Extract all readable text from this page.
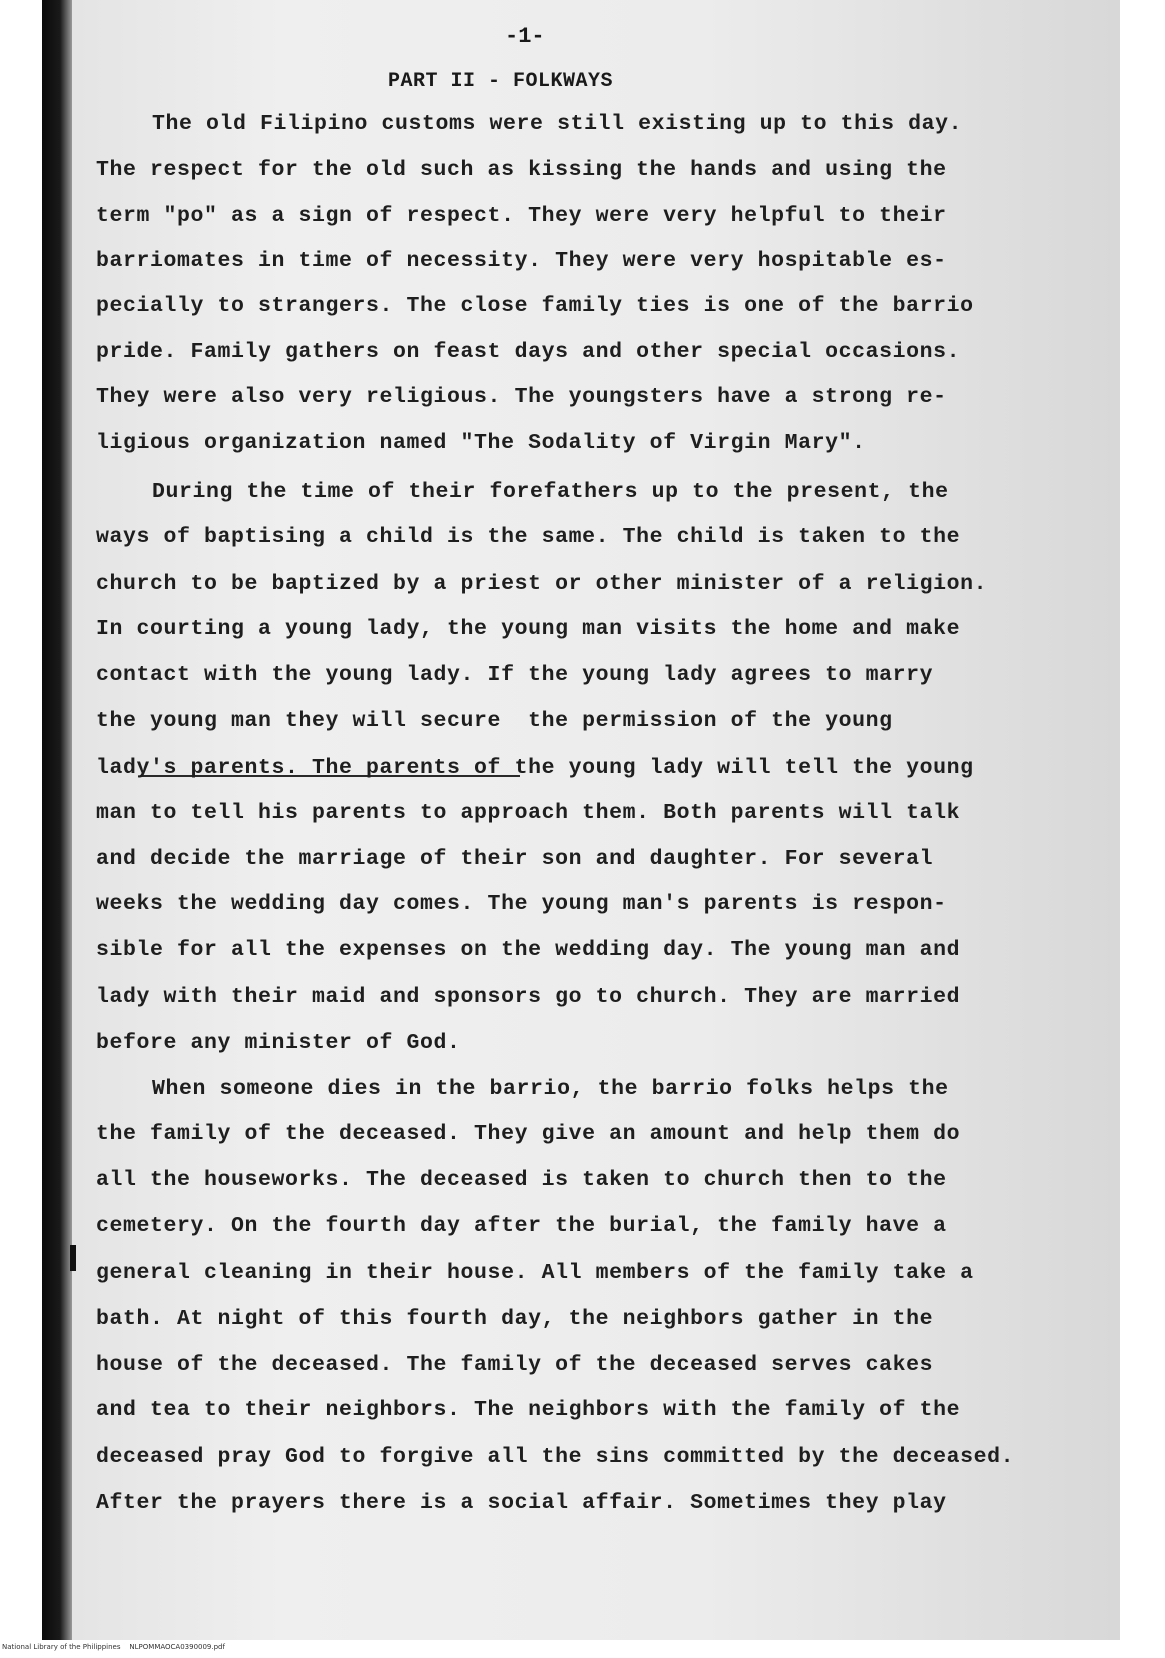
-1-
PART II - FOLKWAYS
The old Filipino customs were still existing up to this day.
The respect for the old such as kissing the hands and using the
term "po" as a sign of respect. They were very helpful to their
barriomates in time of necessity. They were very hospitable es-
pecially to strangers. The close family ties is one of the barrio
pride. Family gathers on feast days and other special occasions.
They were also very religious. The youngsters have a strong re-
ligious organization named "The Sodality of Virgin Mary".
During the time of their forefathers up to the present, the
ways of baptising a child is the same. The child is taken to the
church to be baptized by a priest or other minister of a religion.
In courting a young lady, the young man visits the home and make
contact with the young lady. If the young lady agrees to marry
the young man they will secure  the permission of the young
lady's parents. The parents of the young lady will tell the young
man to tell his parents to approach them. Both parents will talk
and decide the marriage of their son and daughter. For several
weeks the wedding day comes. The young man's parents is respon-
sible for all the expenses on the wedding day. The young man and
lady with their maid and sponsors go to church. They are married
before any minister of God.
When someone dies in the barrio, the barrio folks helps the
the family of the deceased. They give an amount and help them do
all the houseworks. The deceased is taken to church then to the
cemetery. On the fourth day after the burial, the family have a
general cleaning in their house. All members of the family take a
bath. At night of this fourth day, the neighbors gather in the
house of the deceased. The family of the deceased serves cakes
and tea to their neighbors. The neighbors with the family of the
deceased pray God to forgive all the sins committed by the deceased.
After the prayers there is a social affair. Sometimes they play
National Library of the Philippines NLPOMMAOCA0390009.pdf
